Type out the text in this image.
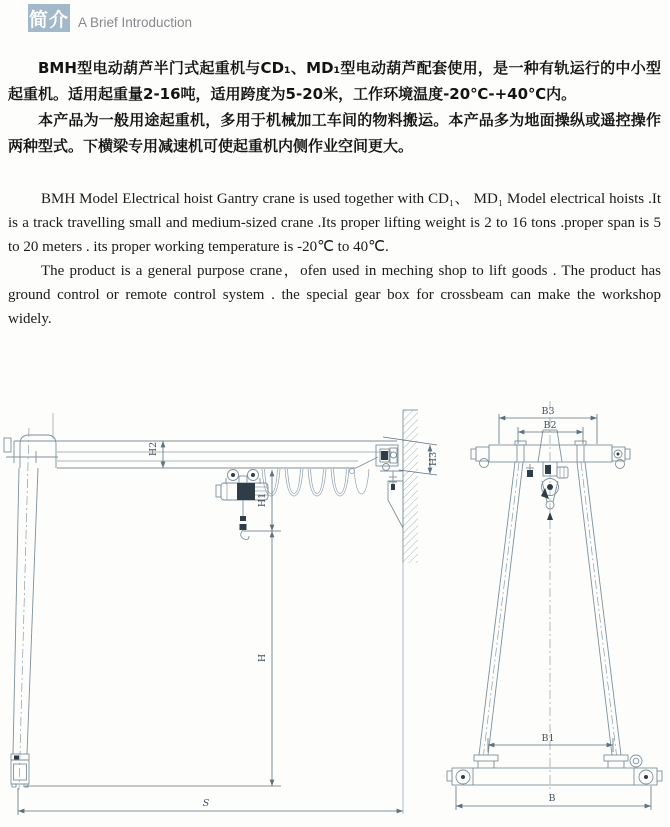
简介 A Brief Introduction

BMH型电动葫芦半门式起重机与CD₁、MD₁型电动葫芦配套使用，是一种有轨运行的中小型起重机。适用起重量2-16吨，适用跨度为5-20米，工作环境温度-20℃-+40℃内。

本产品为一般用途起重机，多用于机械加工车间的物料搬运。本产品多为地面操纵或遥控操作两种型式。下横梁专用减速机可使起重机内侧作业空间更大。

BMH Model Electrical hoist Gantry crane is used together with CD₁、 MD₁ Model electrical hoists .It is a track travelling small and medium-sized crane .Its proper lifting weight is 2 to 16 tons .proper span is 5 to 20 meters . its proper working temperature is -20℃ to 40℃.

The product is a general purpose crane，ofen used in meching shop to lift goods . The product has ground control or remote control system . the special gear box for crossbeam can make the workshop widely.

H2
H3
H1
H
S
B3
B2
B1
B
